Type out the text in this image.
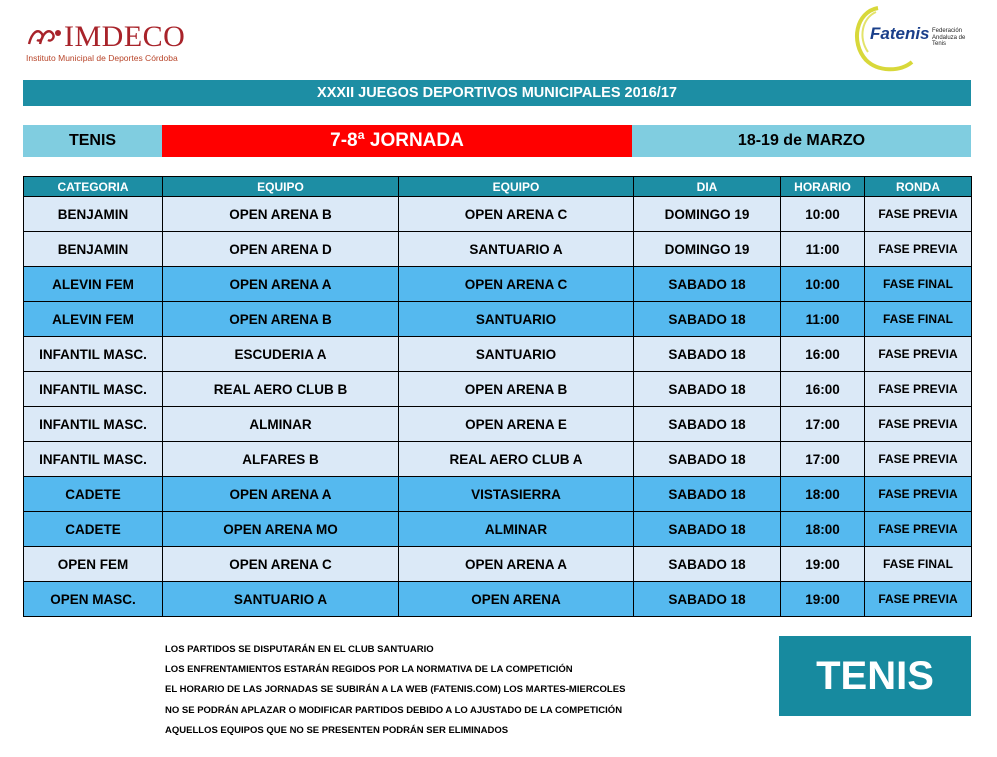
IMDECO
Instituto Municipal de Deportes Córdoba
Fatenis Federación Andaluza de Tenis
XXXII JUEGOS DEPORTIVOS MUNICIPALES 2016/17
TENIS	7-8ª JORNADA	18-19 de MARZO
CATEGORIA	EQUIPO	EQUIPO	DIA	HORARIO	RONDA
BENJAMIN	OPEN ARENA B	OPEN ARENA C	DOMINGO 19	10:00	FASE PREVIA
BENJAMIN	OPEN ARENA D	SANTUARIO A	DOMINGO 19	11:00	FASE PREVIA
ALEVIN FEM	OPEN ARENA A	OPEN ARENA C	SABADO 18	10:00	FASE FINAL
ALEVIN FEM	OPEN ARENA B	SANTUARIO	SABADO 18	11:00	FASE FINAL
INFANTIL MASC.	ESCUDERIA A	SANTUARIO	SABADO 18	16:00	FASE PREVIA
INFANTIL MASC.	REAL AERO CLUB B	OPEN ARENA B	SABADO 18	16:00	FASE PREVIA
INFANTIL MASC.	ALMINAR	OPEN ARENA E	SABADO 18	17:00	FASE PREVIA
INFANTIL MASC.	ALFARES B	REAL AERO CLUB A	SABADO 18	17:00	FASE PREVIA
CADETE	OPEN ARENA A	VISTASIERRA	SABADO 18	18:00	FASE PREVIA
CADETE	OPEN ARENA MO	ALMINAR	SABADO 18	18:00	FASE PREVIA
OPEN FEM	OPEN ARENA C	OPEN ARENA A	SABADO 18	19:00	FASE FINAL
OPEN MASC.	SANTUARIO A	OPEN ARENA	SABADO 18	19:00	FASE PREVIA
LOS PARTIDOS SE DISPUTARÁN EN EL CLUB SANTUARIO
LOS ENFRENTAMIENTOS ESTARÁN REGIDOS POR LA NORMATIVA DE LA COMPETICIÓN
EL HORARIO DE LAS JORNADAS SE SUBIRÁN A LA WEB (FATENIS.COM) LOS MARTES-MIERCOLES
NO SE PODRÁN APLAZAR O MODIFICAR PARTIDOS DEBIDO A LO AJUSTADO DE LA COMPETICIÓN
AQUELLOS EQUIPOS QUE NO SE PRESENTEN PODRÁN SER ELIMINADOS
TENIS
